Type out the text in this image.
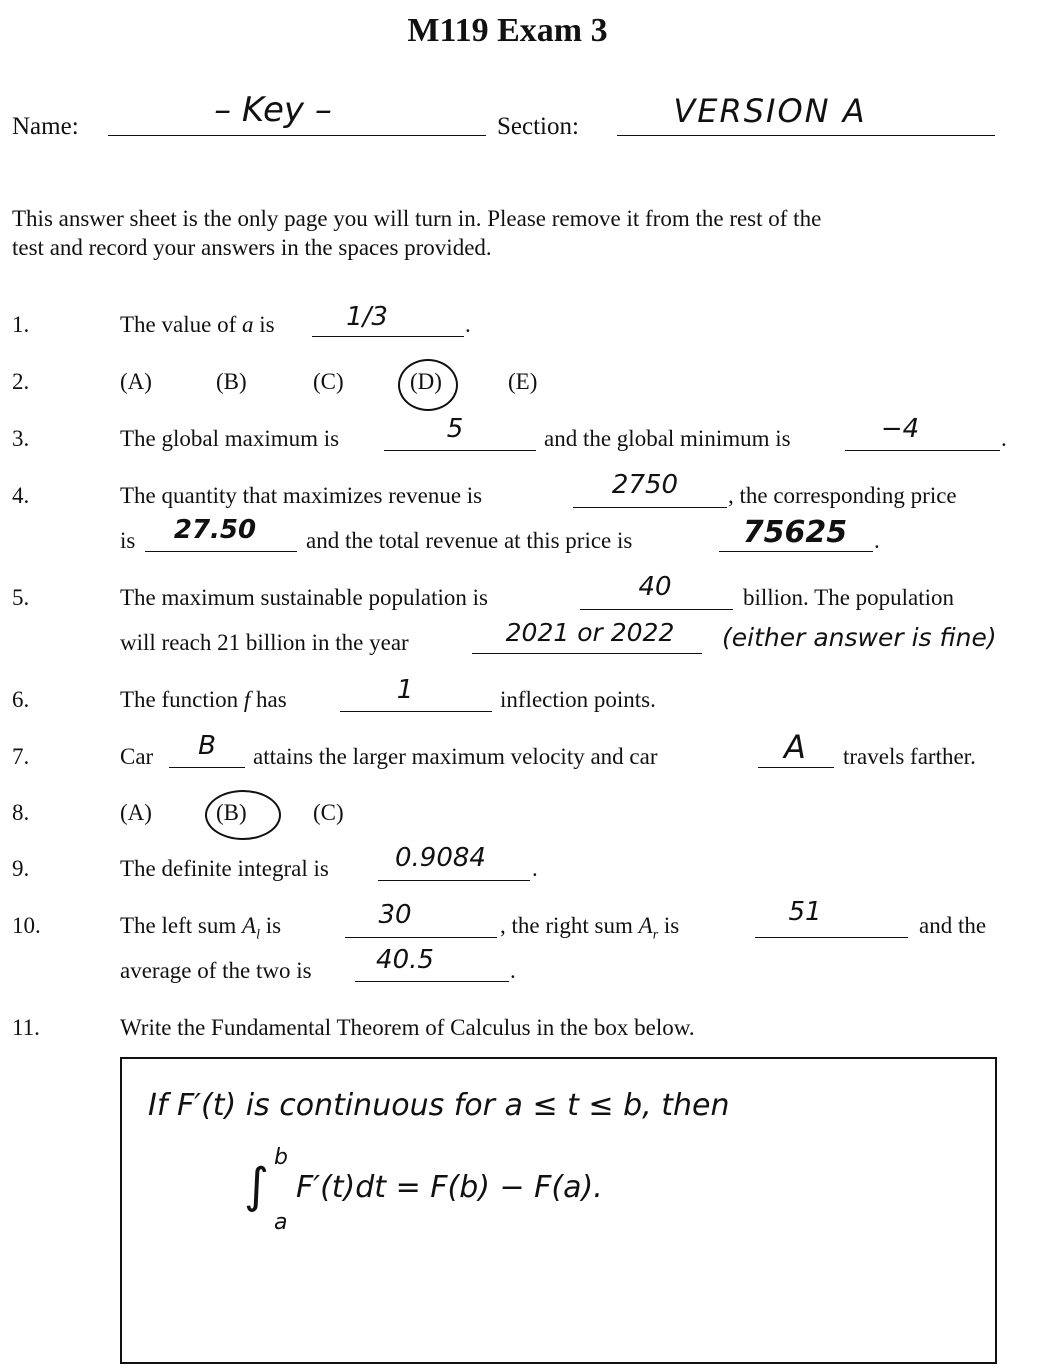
M119 Exam 3
Name:	– Key –	Section:	VERSION A
This answer sheet is the only page you will turn in. Please remove it from the rest of the
test and record your answers in the spaces provided.
1.	The value of a is	1/3	.
2.	(A)	(B)	(C)	(D)	(E)
3.	The global maximum is	5	and the global minimum is	−4	.
4.	The quantity that maximizes revenue is	2750	, the corresponding price
is	27.50	and the total revenue at this price is	75625	.
5.	The maximum sustainable population is	40	billion. The population
will reach 21 billion in the year	2021 or 2022	(either answer is fine)
6.	The function f has	1	inflection points.
7.	Car	B	attains the larger maximum velocity and car	A	travels farther.
8.	(A)	(B)	(C)
9.	The definite integral is	0.9084	.
10.	The left sum $A_l$ is	30	, the right sum $A_r$ is	51	and the
average of the two is	40.5	.
11.	Write the Fundamental Theorem of Calculus in the box below.
If F′(t) is continuous for a ≤ t ≤ b, then
∫
b
a
F′(t)dt = F(b) − F(a).
